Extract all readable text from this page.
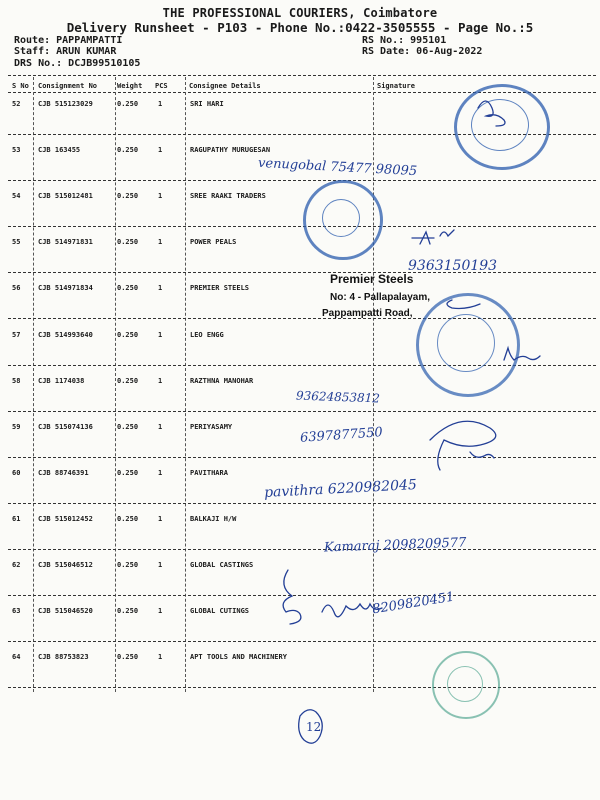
THE PROFESSIONAL COURIERS, Coimbatore
Delivery Runsheet - P103 - Phone No.:0422-3505555 - Page No.:5
Route: PAPPAMPATTI
Staff: ARUN KUMAR
DRS No.: DCJB99510105
RS No.: 995101
RS Date: 06-Aug-2022
S No Consignment No	Weight PCS	Consignee Details	Signature
52	CJB 515123029	0.250	1	SRI HARI
53	CJB 163455	0.250	1	RAGUPATHY MURUGESAN
54	CJB 515012481	0.250	1	SREE RAAKI TRADERS
55	CJB 514971831	0.250	1	POWER PEALS
56	CJB 514971834	0.250	1	PREMIER STEELS
57	CJB 514993640	0.250	1	LEO ENGG
58	CJB 1174038	0.250	1	RAZTHNA MANOHAR
59	CJB 515074136	0.250	1	PERIYASAMY
60	CJB 88746391	0.250	1	PAVITHARA
61	CJB 515012452	0.250	1	BALKAJI H/W
62	CJB 515046512	0.250	1	GLOBAL CASTINGS
63	CJB 515046520	0.250	1	GLOBAL CUTINGS
64	CJB 88753823	0.250	1	APT TOOLS AND MACHINERY
Premier Steels
No: 4 - Pallapalayam,
Pappampatti Road,
venugobal 75477 98095
9363150193
93624853812
6397877550
pavithra 6220982045
Kamaraj 2098209577
8209820451
12
